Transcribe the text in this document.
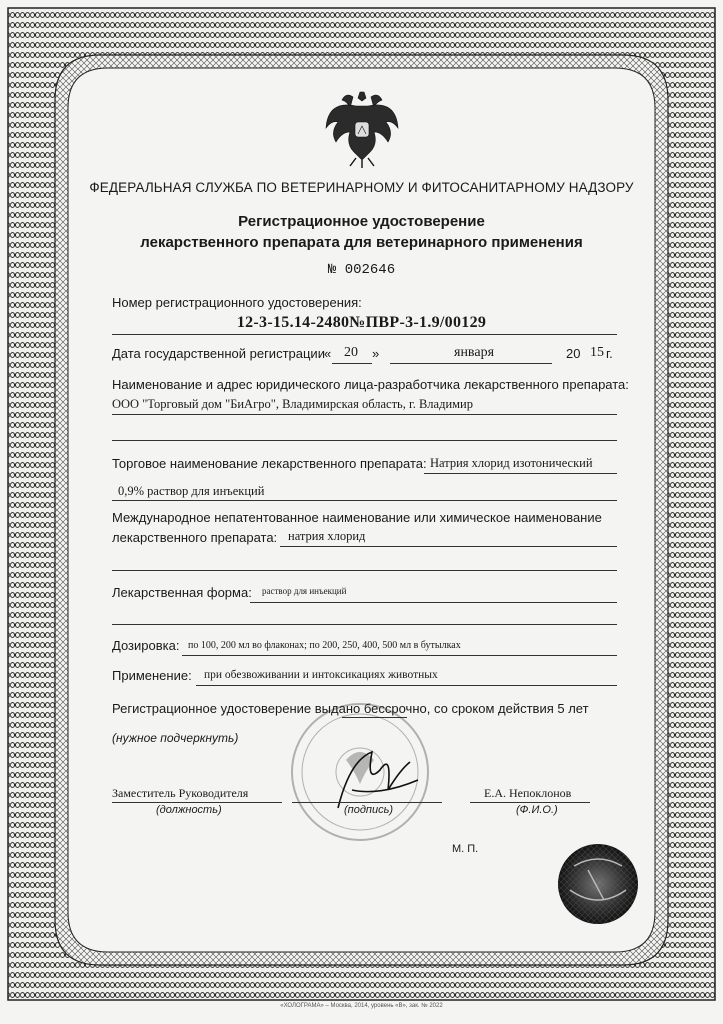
ФЕДЕРАЛЬНАЯ СЛУЖБА ПО ВЕТЕРИНАРНОМУ И ФИТОСАНИТАРНОМУ НАДЗОРУ
Регистрационное удостоверение
лекарственного препарата для ветеринарного применения
№ 002646
Номер регистрационного удостоверения:
12-3-15.14-2480№ПВР-3-1.9/00129
Дата государственной регистрации « 20 »	января	20 15 г.
Наименование и адрес юридического лица-разработчика лекарственного препарата:
ООО "Торговый дом "БиАгро", Владимирская область, г. Владимир
Торговое наименование лекарственного препарата: Натрия хлорид изотонический
0,9% раствор для инъекций
Международное непатентованное наименование или химическое наименование
лекарственного препарата: натрия хлорид
Лекарственная форма: раствор для инъекций
Дозировка: по 100, 200 мл во флаконах; по 200, 250, 400, 500 мл в бутылках
Применение: при обезвоживании и интоксикациях животных
Регистрационное удостоверение выдано бессрочно, со сроком действия 5 лет
(нужное подчеркнуть)
Заместитель Руководителя
(должность)	(подпись)
Е.А. Непоклонов
(Ф.И.О.)
М. П.
«ХОЛОГРАМА» – Москва, 2014, уровень «В», зак. № 2022
